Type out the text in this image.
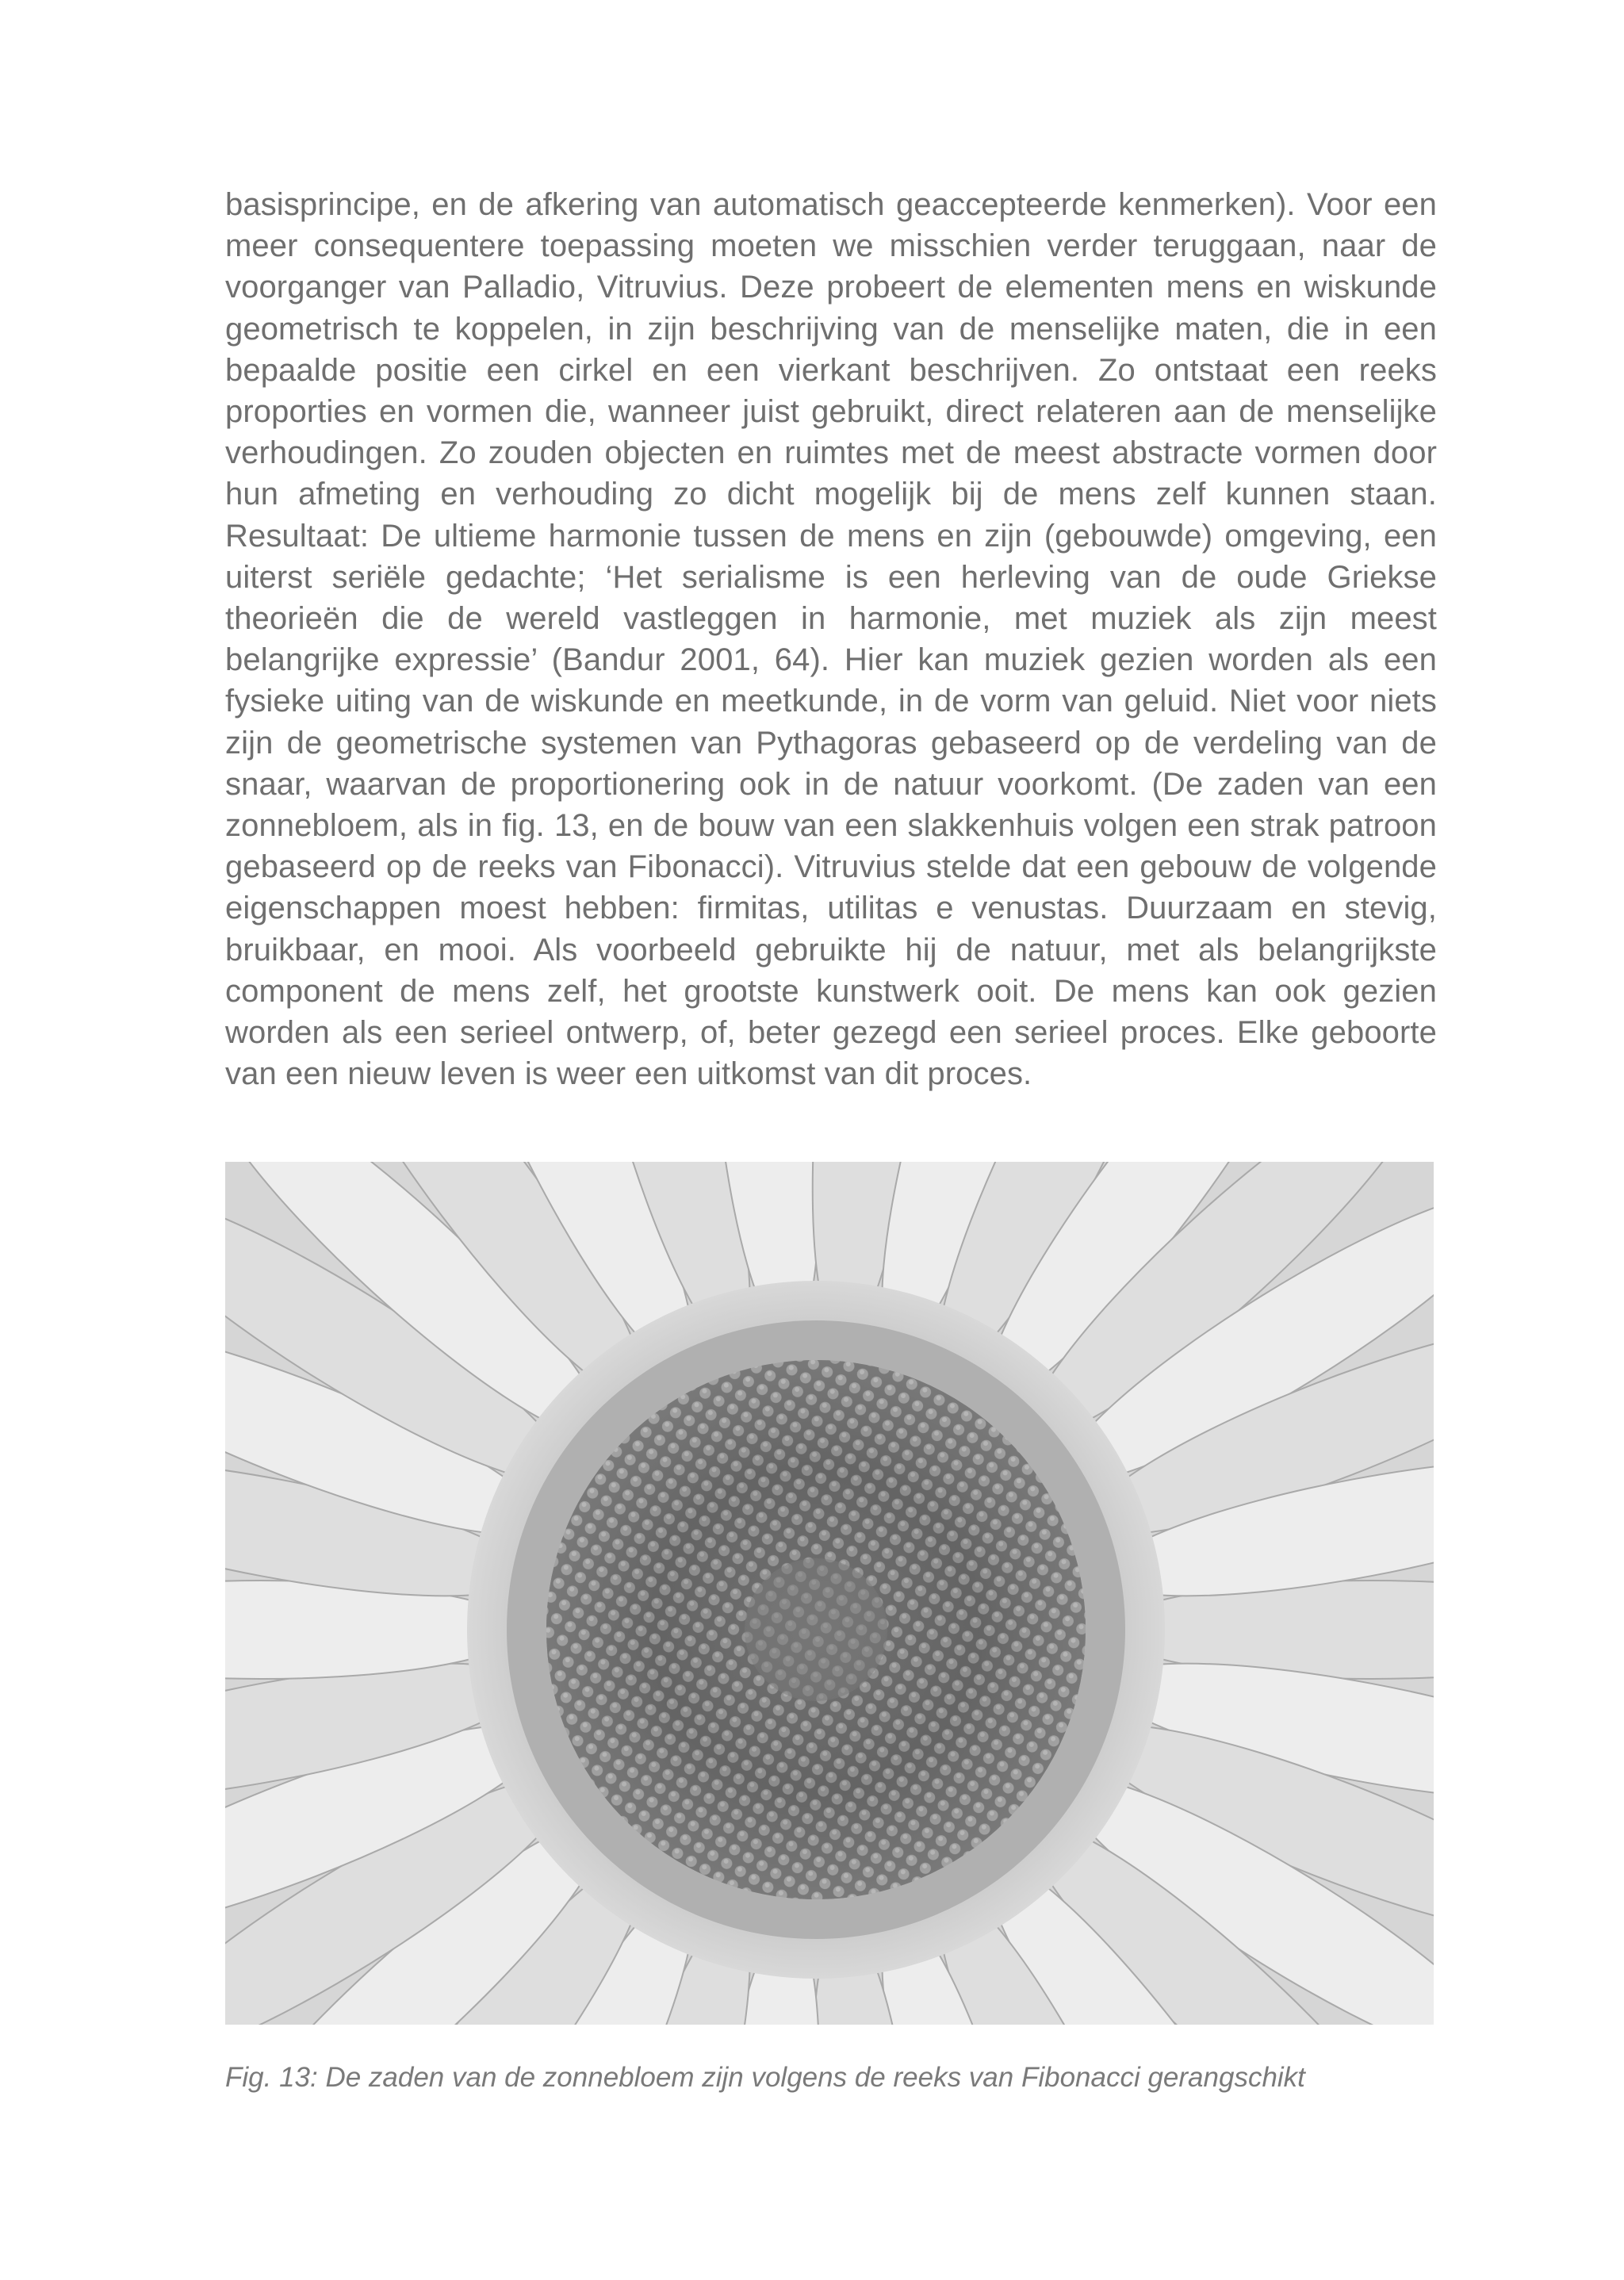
basisprincipe, en de afkering van automatisch geaccepteerde kenmerken). Voor een meer consequentere toepassing moeten we misschien verder teruggaan, naar de voorganger van Palladio, Vitruvius. Deze probeert de elementen mens en wiskunde geometrisch te koppelen, in zijn beschrijving van de menselijke maten, die in een bepaalde positie een cirkel en een vierkant beschrijven. Zo ontstaat een reeks proporties en vormen die, wanneer juist gebruikt, direct relateren aan de menselijke verhoudingen. Zo zouden objecten en ruimtes met de meest abstracte vormen door hun afmeting en verhouding zo dicht mogelijk bij de mens zelf kunnen staan. Resultaat: De ultieme harmonie tussen de mens en zijn (gebouwde) omgeving, een uiterst seriële gedachte; ‘Het serialisme is een herleving van de oude Griekse theorieën die de wereld vastleggen in harmonie, met muziek als zijn meest belangrijke expressie’ (Bandur 2001, 64). Hier kan muziek gezien worden als een fysieke uiting van de wiskunde en meetkunde, in de vorm van geluid. Niet voor niets zijn de geometrische systemen van Pythagoras gebaseerd op de verdeling van de snaar, waarvan de proportionering ook in de natuur voorkomt. (De zaden van een zonnebloem, als in fig. 13, en de bouw van een slakkenhuis volgen een strak patroon gebaseerd op de reeks van Fibonacci). Vitruvius stelde dat een gebouw de volgende eigenschappen moest hebben: firmitas, utilitas e venustas. Duurzaam en stevig, bruikbaar, en mooi. Als voorbeeld gebruikte hij de natuur, met als belangrijkste component de mens zelf, het grootste kunstwerk ooit. De mens kan ook gezien worden als een serieel ontwerp, of, beter gezegd een serieel proces. Elke geboorte van een nieuw leven is weer een uitkomst van dit proces.

Fig. 13: De zaden van de zonnebloem zijn volgens de reeks van Fibonacci gerangschikt
